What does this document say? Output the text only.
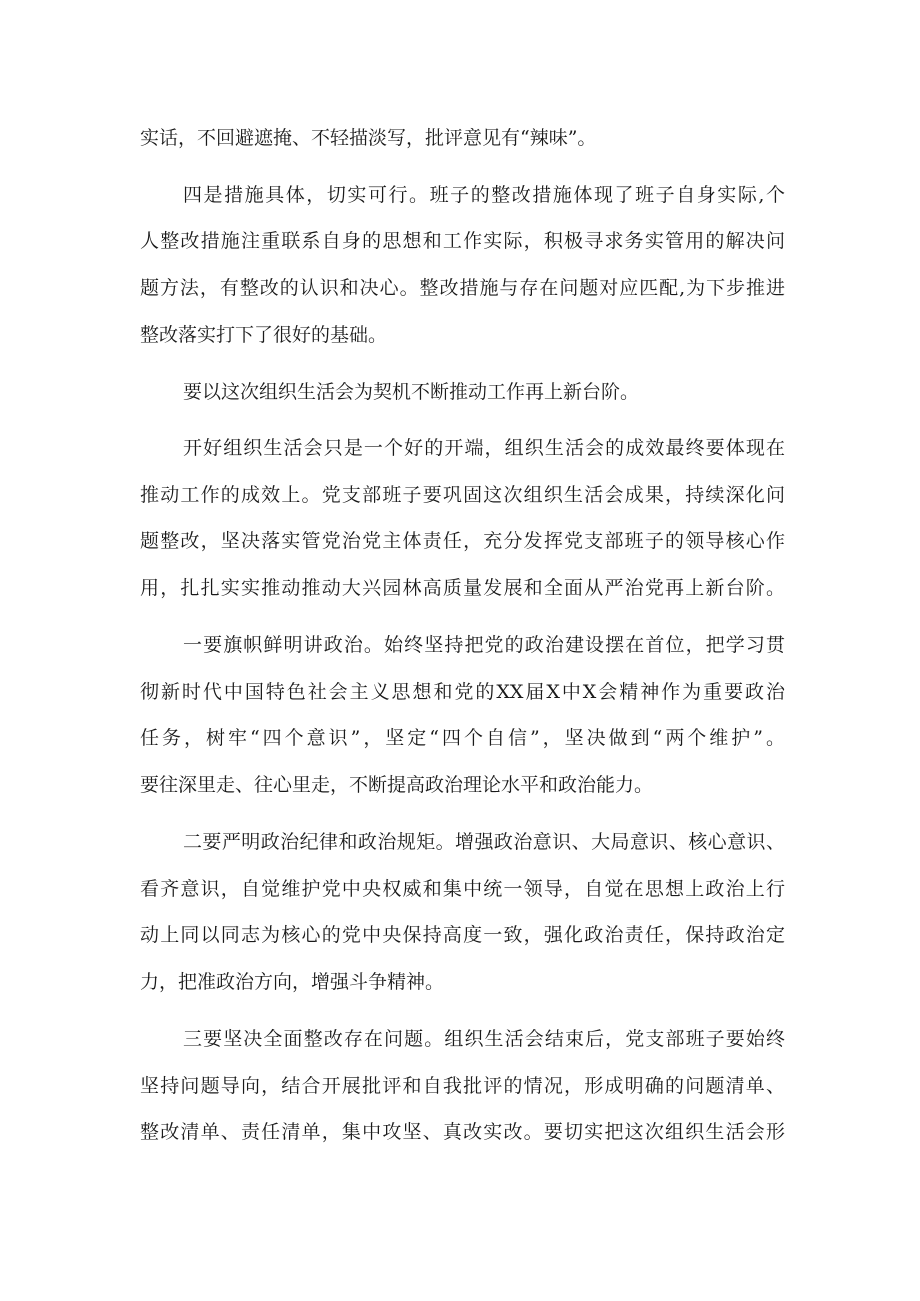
实话，不回避遮掩、不轻描淡写，批评意见有“辣味”。
四是措施具体，切实可行。班子的整改措施体现了班子自身实际,个
人整改措施注重联系自身的思想和工作实际，积极寻求务实管用的解决问
题方法，有整改的认识和决心。整改措施与存在问题对应匹配,为下步推进
整改落实打下了很好的基础。
要以这次组织生活会为契机不断推动工作再上新台阶。
开好组织生活会只是一个好的开端，组织生活会的成效最终要体现在
推动工作的成效上。党支部班子要巩固这次组织生活会成果，持续深化问
题整改，坚决落实管党治党主体责任，充分发挥党支部班子的领导核心作
用，扎扎实实推动推动大兴园林高质量发展和全面从严治党再上新台阶。
一要旗帜鲜明讲政治。始终坚持把党的政治建设摆在首位，把学习贯
彻新时代中国特色社会主义思想和党的XX届X中X会精神作为重要政治
任务，树牢“四个意识”，坚定“四个自信”，坚决做到“两个维护”。
要往深里走、往心里走，不断提高政治理论水平和政治能力。
二要严明政治纪律和政治规矩。增强政治意识、大局意识、核心意识、
看齐意识，自觉维护党中央权威和集中统一领导，自觉在思想上政治上行
动上同以同志为核心的党中央保持高度一致，强化政治责任，保持政治定
力，把准政治方向，增强斗争精神。
三要坚决全面整改存在问题。组织生活会结束后，党支部班子要始终
坚持问题导向，结合开展批评和自我批评的情况，形成明确的问题清单、
整改清单、责任清单，集中攻坚、真改实改。要切实把这次组织生活会形
